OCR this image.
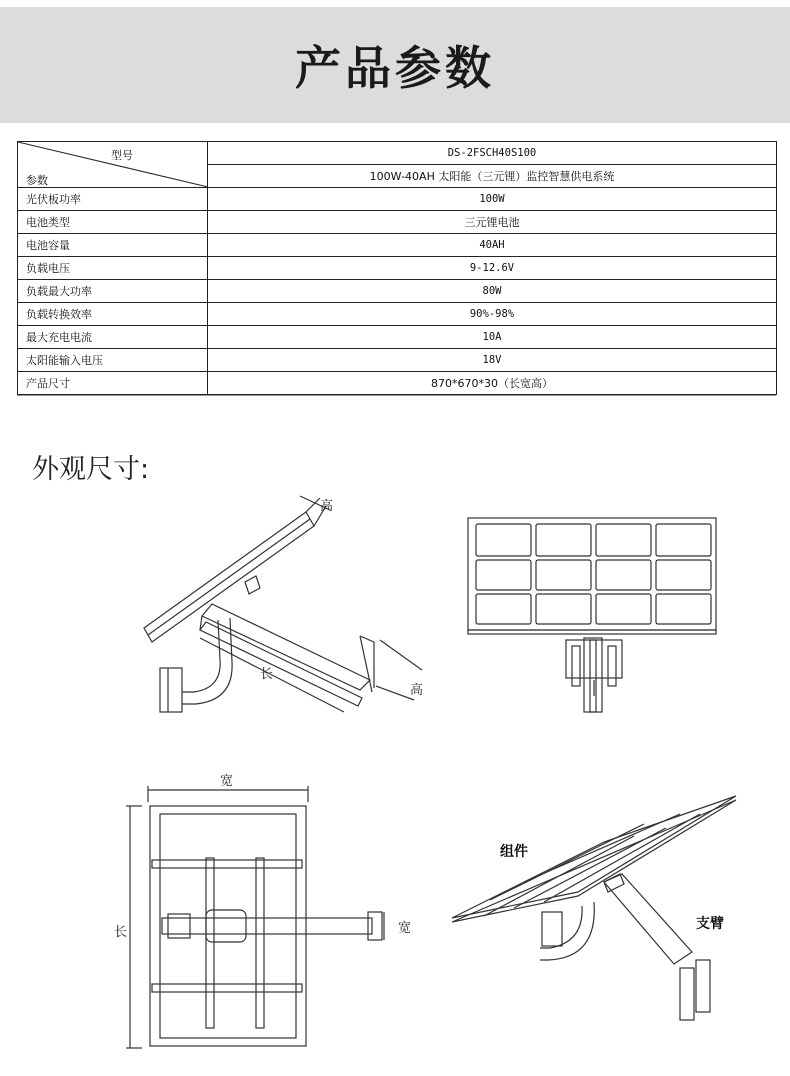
产品参数
型号
参数	DS-2FSCH40S100
	100W-40AH 太阳能（三元锂）监控智慧供电系统
光伏板功率	100W
电池类型	三元锂电池
电池容量	40AH
负载电压	9-12.6V
负载最大功率	80W
负载转换效率	90%-98%
最大充电电流	10A
太阳能输入电压	18V
产品尺寸	870*670*30（长宽高）
外观尺寸:
高
长
高
宽
长	宽
组件
支臂
